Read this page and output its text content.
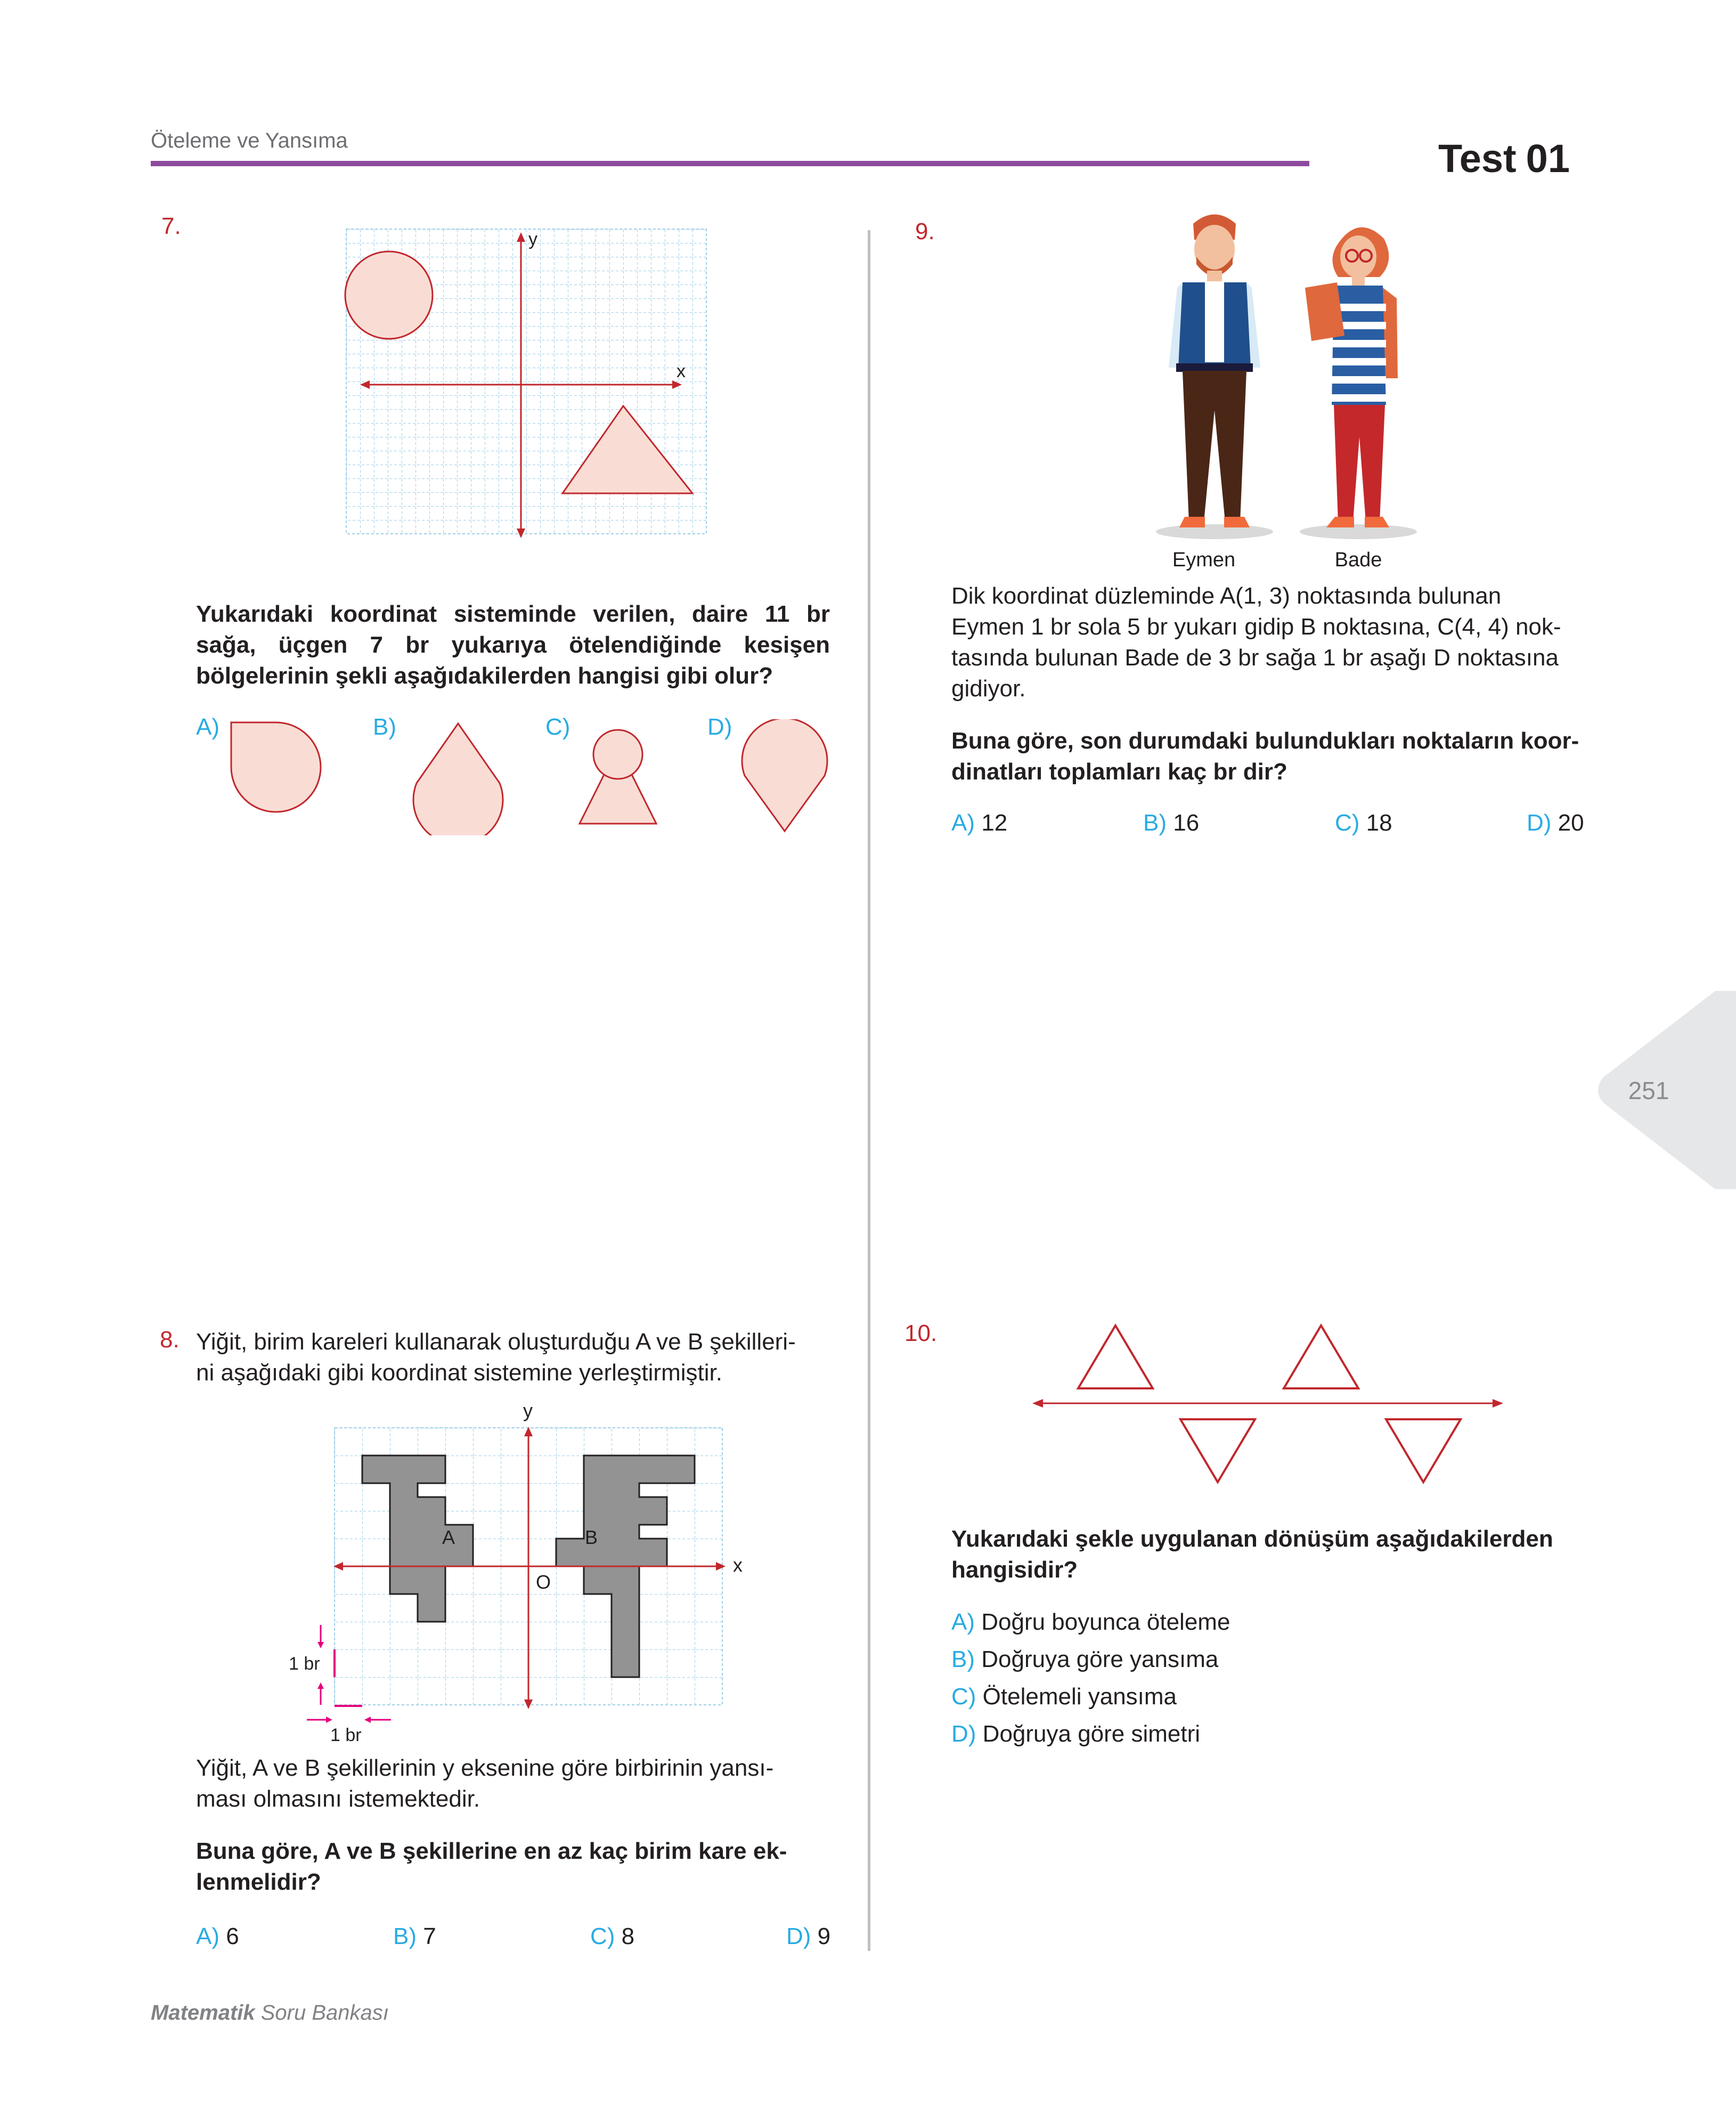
Öteleme ve Yansıma	Test 01
7.	y
x

Yukarıdaki koordinat sisteminde verilen, daire 11 br sağa, üçgen 7 br yukarıya ötelendiğinde kesişen bölgelerinin şekli aşağıdakilerden hangisi gibi olur?

A)	B)	C)	D)
8. Yiğit, birim kareleri kullanarak oluşturduğu A ve B şekilleri-

ni aşağıdaki gibi koordinat sistemine yerleştirmiştir.

A	B
y
x
O
1 br
1 br

Yiğit, A ve B şekillerinin y eksenine göre birbirinin yansı-

ması olmasını istemektedir.

Buna göre, A ve B şekillerine en az kaç birim kare ek-

lenmelidir?

A) 6	B) 7	C) 8	D) 9
9.
Eymen	Bade

Dik koordinat düzleminde A(1, 3) noktasında bulunan

Eymen 1 br sola 5 br yukarı gidip B noktasına, C(4, 4) nok-

tasında bulunan Bade de 3 br sağa 1 br aşağı D noktasına

gidiyor.

Buna göre, son durumdaki bulundukları noktaların koor-

dinatları toplamları kaç br dir?

A) 12	B) 16	C) 18	D) 20
10.

Yukarıdaki şekle uygulanan dönüşüm aşağıdakilerden

hangisidir?

A) Doğru boyunca öteleme
B) Doğruya göre yansıma
C) Ötelemeli yansıma
D) Doğruya göre simetri
251
Matematik Soru Bankası
